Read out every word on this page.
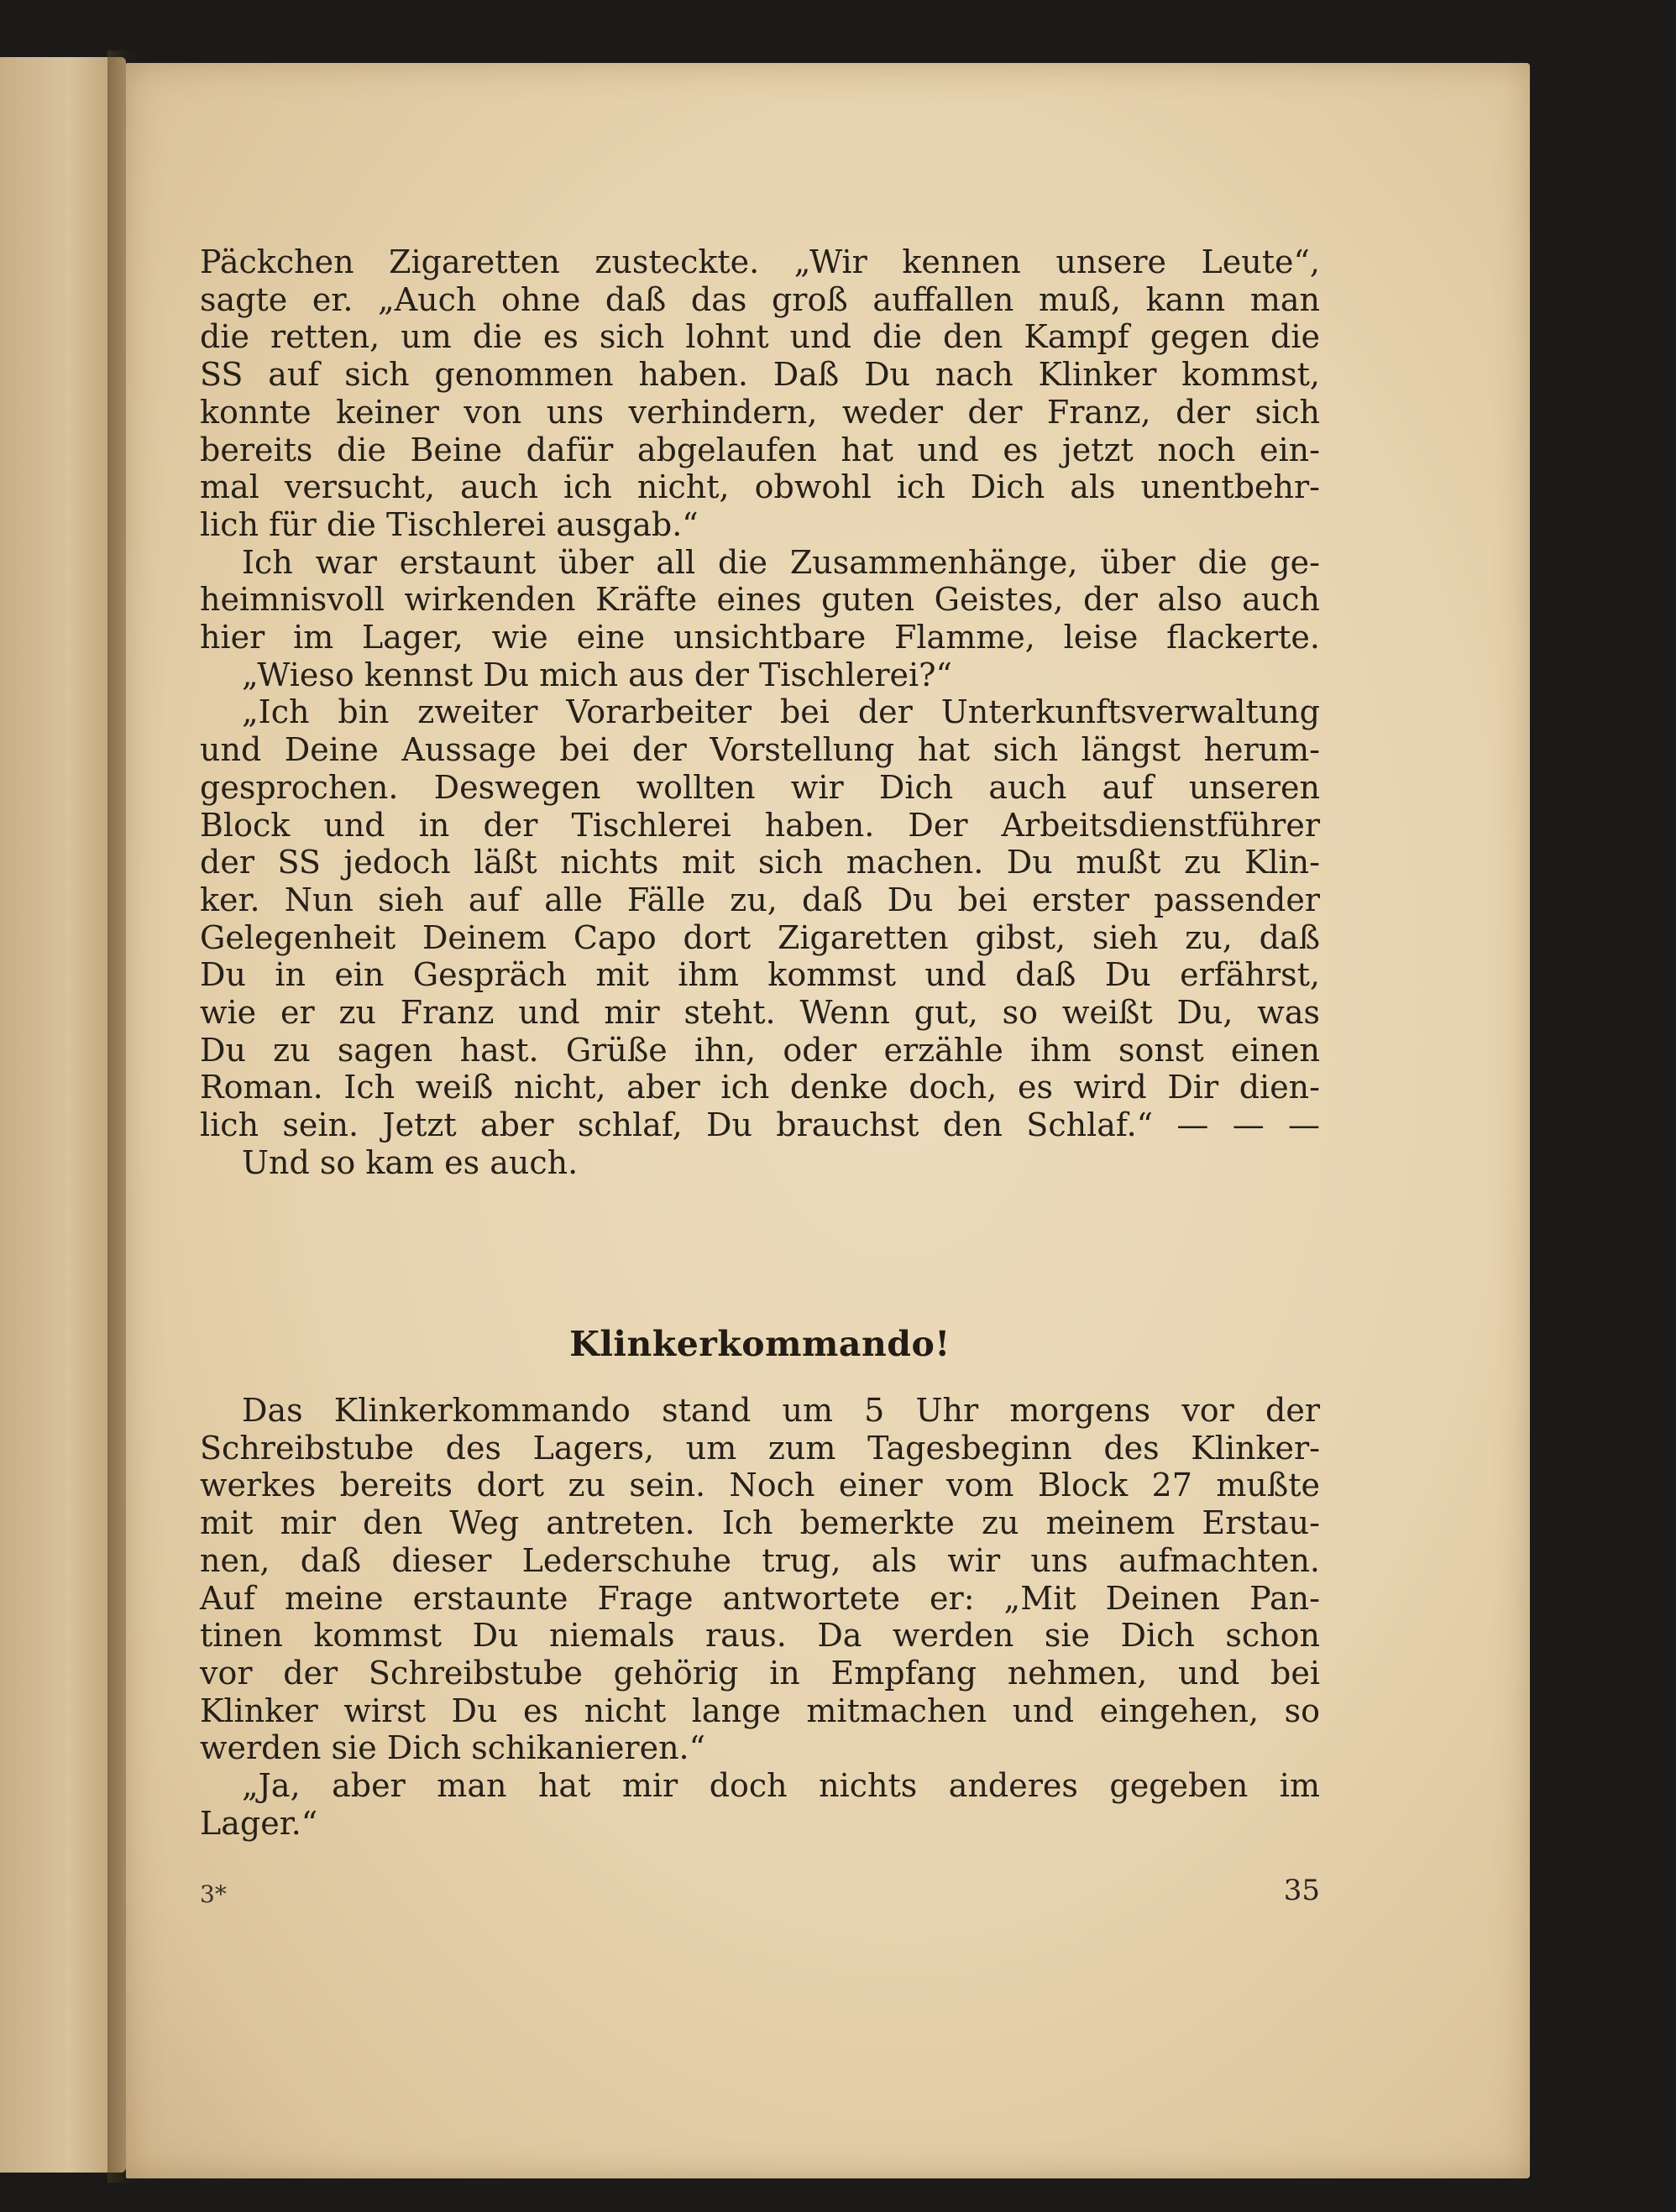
Päckchen Zigaretten zusteckte. „Wir kennen unsere Leute“,
sagte er. „Auch ohne daß das groß auffallen muß, kann man
die retten, um die es sich lohnt und die den Kampf gegen die
SS auf sich genommen haben. Daß Du nach Klinker kommst,
konnte keiner von uns verhindern, weder der Franz, der sich
bereits die Beine dafür abgelaufen hat und es jetzt noch ein-
mal versucht, auch ich nicht, obwohl ich Dich als unentbehr-
lich für die Tischlerei ausgab.“

Ich war erstaunt über all die Zusammenhänge, über die ge-
heimnisvoll wirkenden Kräfte eines guten Geistes, der also auch
hier im Lager, wie eine unsichtbare Flamme, leise flackerte.

„Wieso kennst Du mich aus der Tischlerei?“

„Ich bin zweiter Vorarbeiter bei der Unterkunftsverwaltung
und Deine Aussage bei der Vorstellung hat sich längst herum-
gesprochen. Deswegen wollten wir Dich auch auf unseren
Block und in der Tischlerei haben. Der Arbeitsdienstführer
der SS jedoch läßt nichts mit sich machen. Du mußt zu Klin-
ker. Nun sieh auf alle Fälle zu, daß Du bei erster passender
Gelegenheit Deinem Capo dort Zigaretten gibst, sieh zu, daß
Du in ein Gespräch mit ihm kommst und daß Du erfährst,
wie er zu Franz und mir steht. Wenn gut, so weißt Du, was
Du zu sagen hast. Grüße ihn, oder erzähle ihm sonst einen
Roman. Ich weiß nicht, aber ich denke doch, es wird Dir dien-
lich sein. Jetzt aber schlaf, Du brauchst den Schlaf.“ — — —

Und so kam es auch.

Klinkerkommando!

Das Klinkerkommando stand um 5 Uhr morgens vor der
Schreibstube des Lagers, um zum Tagesbeginn des Klinker-
werkes bereits dort zu sein. Noch einer vom Block 27 mußte
mit mir den Weg antreten. Ich bemerkte zu meinem Erstau-
nen, daß dieser Lederschuhe trug, als wir uns aufmachten.
Auf meine erstaunte Frage antwortete er: „Mit Deinen Pan-
tinen kommst Du niemals raus. Da werden sie Dich schon
vor der Schreibstube gehörig in Empfang nehmen, und bei
Klinker wirst Du es nicht lange mitmachen und eingehen, so
werden sie Dich schikanieren.“

„Ja, aber man hat mir doch nichts anderes gegeben im
Lager.“

3*	35
